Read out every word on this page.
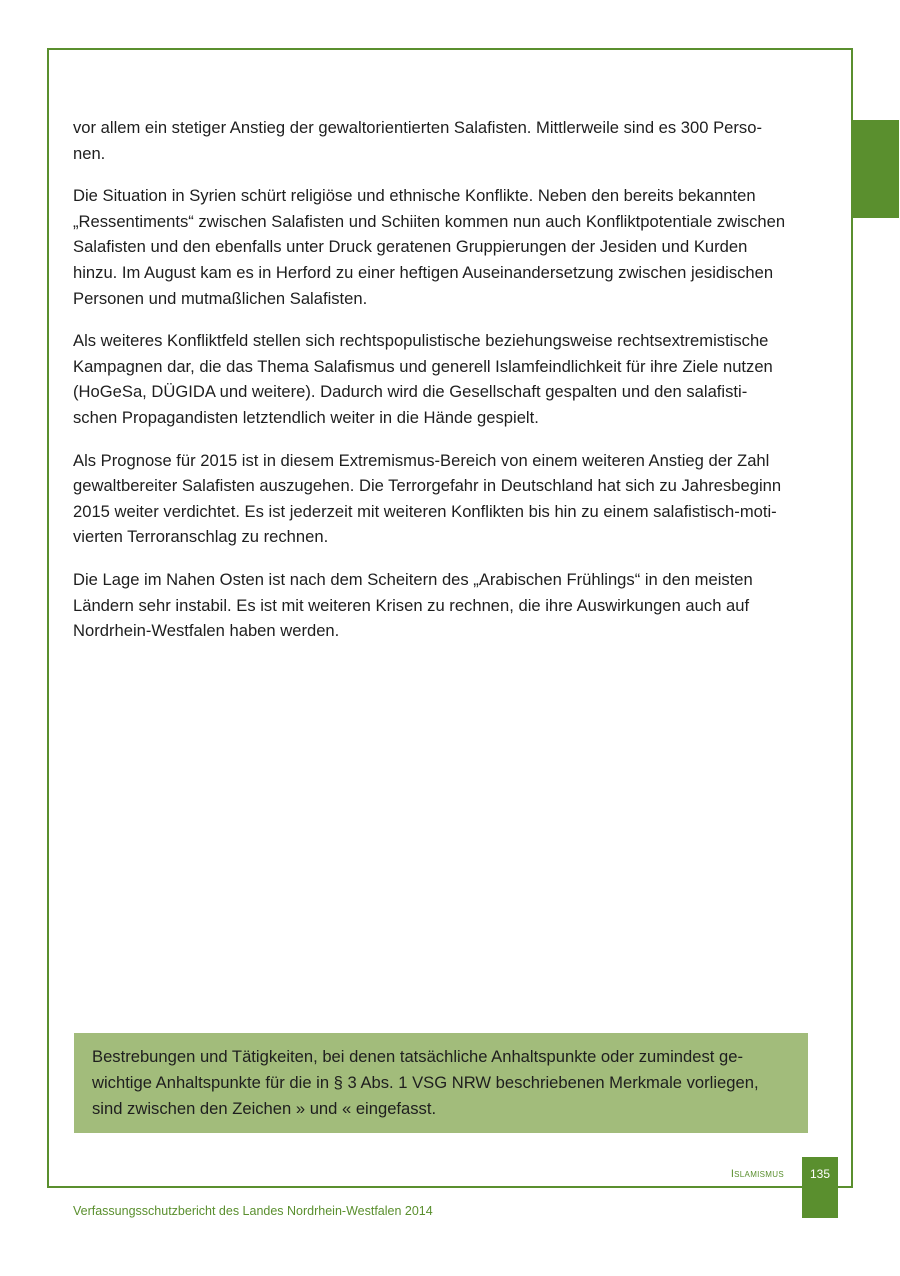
vor allem ein stetiger Anstieg der gewaltorientierten Salafisten. Mittlerweile sind es 300 Perso-
nen.

Die Situation in Syrien schürt religiöse und ethnische Konflikte. Neben den bereits bekannten
„Ressentiments“ zwischen Salafisten und Schiiten kommen nun auch Konfliktpotentiale zwischen
Salafisten und den ebenfalls unter Druck geratenen Gruppierungen der Jesiden und Kurden
hinzu. Im August kam es in Herford zu einer heftigen Auseinandersetzung zwischen jesidischen
Personen und mutmaßlichen Salafisten.

Als weiteres Konfliktfeld stellen sich rechtspopulistische beziehungsweise rechtsextremistische
Kampagnen dar, die das Thema Salafismus und generell Islamfeindlichkeit für ihre Ziele nutzen
(HoGeSa, DÜGIDA und weitere). Dadurch wird die Gesellschaft gespalten und den salafisti-
schen Propagandisten letztendlich weiter in die Hände gespielt.

Als Prognose für 2015 ist in diesem Extremismus-Bereich von einem weiteren Anstieg der Zahl
gewaltbereiter Salafisten auszugehen. Die Terrorgefahr in Deutschland hat sich zu Jahresbeginn
2015 weiter verdichtet. Es ist jederzeit mit weiteren Konflikten bis hin zu einem salafistisch-moti-
vierten Terroranschlag zu rechnen.

Die Lage im Nahen Osten ist nach dem Scheitern des „Arabischen Frühlings“ in den meisten
Ländern sehr instabil. Es ist mit weiteren Krisen zu rechnen, die ihre Auswirkungen auch auf
Nordrhein-Westfalen haben werden.

Bestrebungen und Tätigkeiten, bei denen tatsächliche Anhaltspunkte oder zumindest ge-
wichtige Anhaltspunkte für die in § 3 Abs. 1 VSG NRW beschriebenen Merkmale vorliegen,
sind zwischen den Zeichen » und « eingefasst.

Islamismus	135
Verfassungsschutzbericht des Landes Nordrhein-Westfalen 2014
